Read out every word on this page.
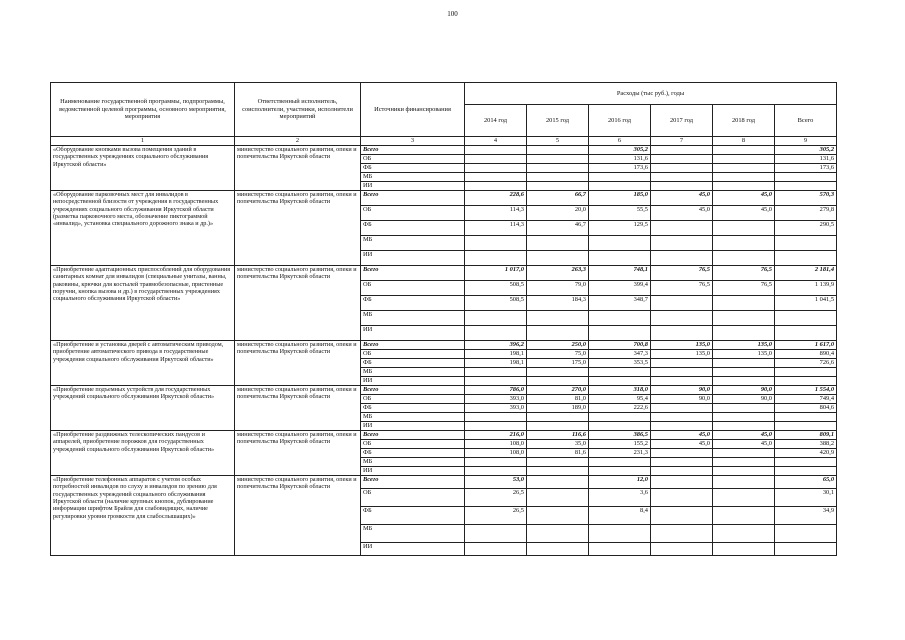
100
Наименование государственной программы, подпрограммы, ведомственной целевой программы, основного мероприятия, мероприятия	Ответственный исполнитель, соисполнители, участники, исполнители мероприятий	Источники финансирования	Расходы (тыс руб.), годы					
			2014 год	2015 год	2016 год	2017 год	2018 год	Всего
1	2	3	4	5	6	7	8	9
«Оборудование кнопками вызова помещения зданий в государственных учреждениях социального обслуживания Иркутской области»	министерство социального развития, опеки и попечительства Иркутской области	Всего			305,2			305,2
		ОБ			131,6			131,6
		ФБ			173,6			173,6
		МБ						
		ИИ						
«Оборудование парковочных мест для инвалидов в непосредственной близости от учреждения в государственных учреждениях социального обслуживания Иркутской области (разметка парковочного места, обозначение пиктограммой «инвалид», установка специального дорожного знака и др.)»	министерство социального развития, опеки и попечительства Иркутской области	Всего	228,6	66,7	185,0	45,0	45,0	570,3
		ОБ	114,3	20,0	55,5	45,0	45,0	279,8
		ФБ	114,3	46,7	129,5			290,5
		МБ						
		ИИ						
«Приобретение адаптационных приспособлений для оборудования санитарных комнат для инвалидов (специальные унитазы, ванны, раковины, крючки для костылей травмобезопасные, пристенные поручни, кнопка вызова и др.) в государственных учреждениях социального обслуживания Иркутской области»	министерство социального развития, опеки и попечительства Иркутской области	Всего	1 017,0	263,3	748,1	76,5	76,5	2 181,4
		ОБ	508,5	79,0	399,4	76,5	76,5	1 139,9
		ФБ	508,5	184,3	348,7			1 041,5
		МБ						
		ИИ						
«Приобретение и установка дверей с автоматическим приводом, приобретение автоматического привода в государственные учреждения социального обслуживания Иркутской области»	министерство социального развития, опеки и попечительства Иркутской области	Всего	396,2	250,0	700,8	135,0	135,0	1 617,0
		ОБ	198,1	75,0	347,3	135,0	135,0	890,4
		ФБ	198,1	175,0	353,5			726,6
		МБ						
		ИИ						
«Приобретение подъемных устройств для государственных учреждений социального обслуживания Иркутской области»	министерство социального развития, опеки и попечительства Иркутской области	Всего	786,0	270,0	318,0	90,0	90,0	1 554,0
		ОБ	393,0	81,0	95,4	90,0	90,0	749,4
		ФБ	393,0	189,0	222,6			804,6
		МБ						
		ИИ						
«Приобретение раздвижных телескопических пандусов и аппарелей, приобретение порожков для государственных учреждений социального обслуживания Иркутской области»	министерство социального развития, опеки и попечительства Иркутской области	Всего	216,0	116,6	386,5	45,0	45,0	809,1
		ОБ	108,0	35,0	155,2	45,0	45,0	388,2
		ФБ	108,0	81,6	231,3			420,9
		МБ						
		ИИ						
«Приобретение телефонных аппаратов с учетом особых потребностей инвалидов по слуху и инвалидов по зрению для государственных учреждений социального обслуживания Иркутской области (наличие крупных кнопок, дублирование информации шрифтом Брайля для слабовидящих, наличие регулировки уровня громкости для слабослышащих)»	министерство социального развития, опеки и попечительства Иркутской области	Всего	53,0		12,0			65,0
		ОБ	26,5		3,6			30,1
		ФБ	26,5		8,4			34,9
		МБ						
		ИИ						
